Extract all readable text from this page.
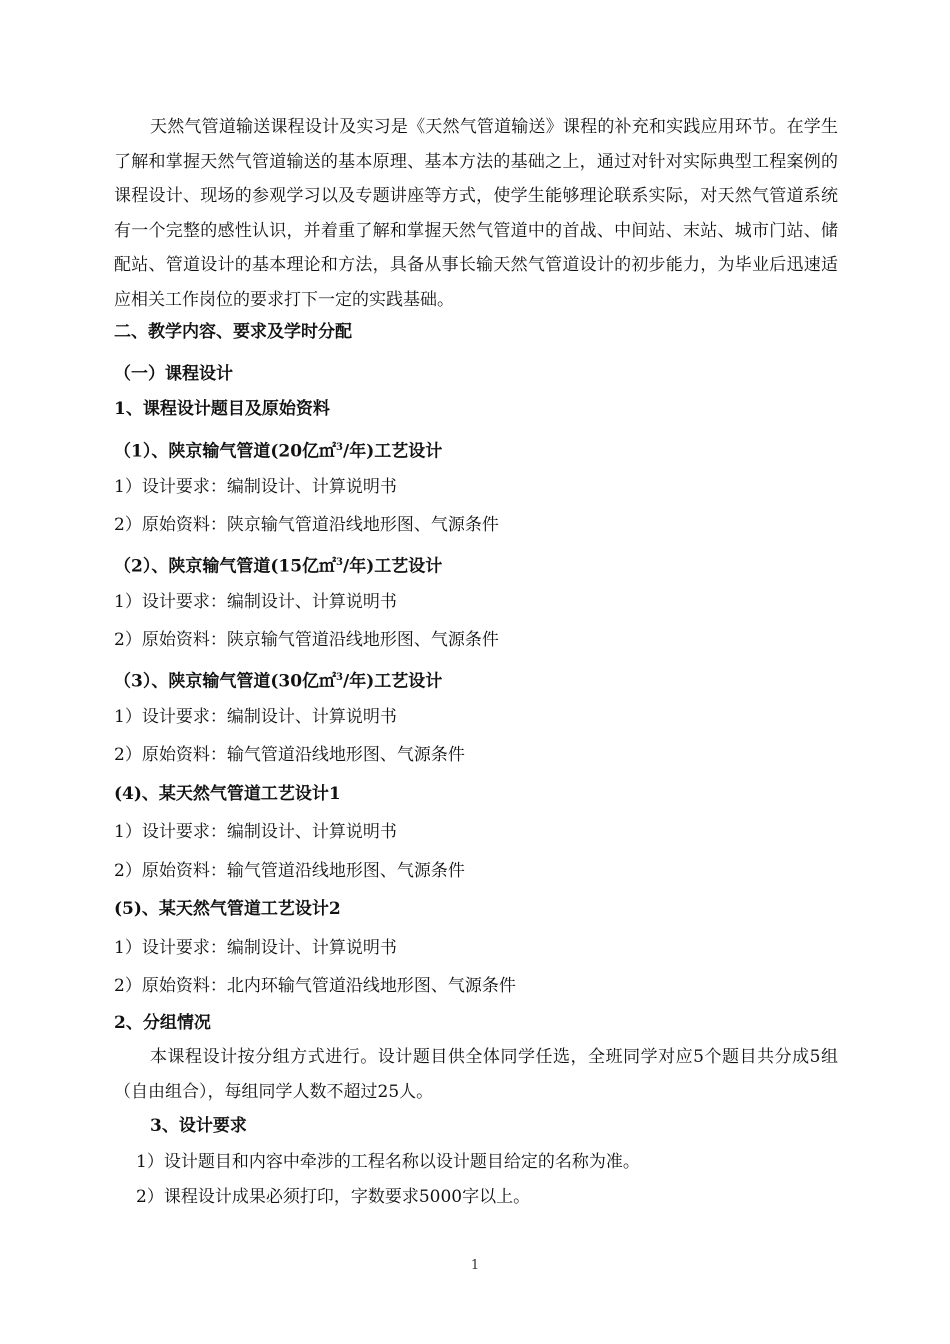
天然气管道输送课程设计及实习是《天然气管道输送》课程的补充和实践应用环节。在学生了解和掌握天然气管道输送的基本原理、基本方法的基础之上，通过对针对实际典型工程案例的课程设计、现场的参观学习以及专题讲座等方式，使学生能够理论联系实际，对天然气管道系统有一个完整的感性认识，并着重了解和掌握天然气管道中的首战、中间站、末站、城市门站、储配站、管道设计的基本理论和方法，具备从事长输天然气管道设计的初步能力，为毕业后迅速适应相关工作岗位的要求打下一定的实践基础。

二、教学内容、要求及学时分配

（一）课程设计

1、课程设计题目及原始资料

（1）、陕京输气管道(20亿㎡$^3$/年)工艺设计

1）设计要求：编制设计、计算说明书

2）原始资料：陕京输气管道沿线地形图、气源条件

（2）、陕京输气管道(15亿㎡$^3$/年)工艺设计

1）设计要求：编制设计、计算说明书

2）原始资料：陕京输气管道沿线地形图、气源条件

（3）、陕京输气管道(30亿㎡$^3$/年)工艺设计

1）设计要求：编制设计、计算说明书

2）原始资料：输气管道沿线地形图、气源条件

(4)、某天然气管道工艺设计1

1）设计要求：编制设计、计算说明书

2）原始资料：输气管道沿线地形图、气源条件

(5)、某天然气管道工艺设计2

1）设计要求：编制设计、计算说明书

2）原始资料：北内环输气管道沿线地形图、气源条件

2、分组情况

本课程设计按分组方式进行。设计题目供全体同学任选，全班同学对应5个题目共分成5组（自由组合），每组同学人数不超过25人。

3、设计要求

1）设计题目和内容中牵涉的工程名称以设计题目给定的名称为准。

2）课程设计成果必须打印，字数要求5000字以上。

1
